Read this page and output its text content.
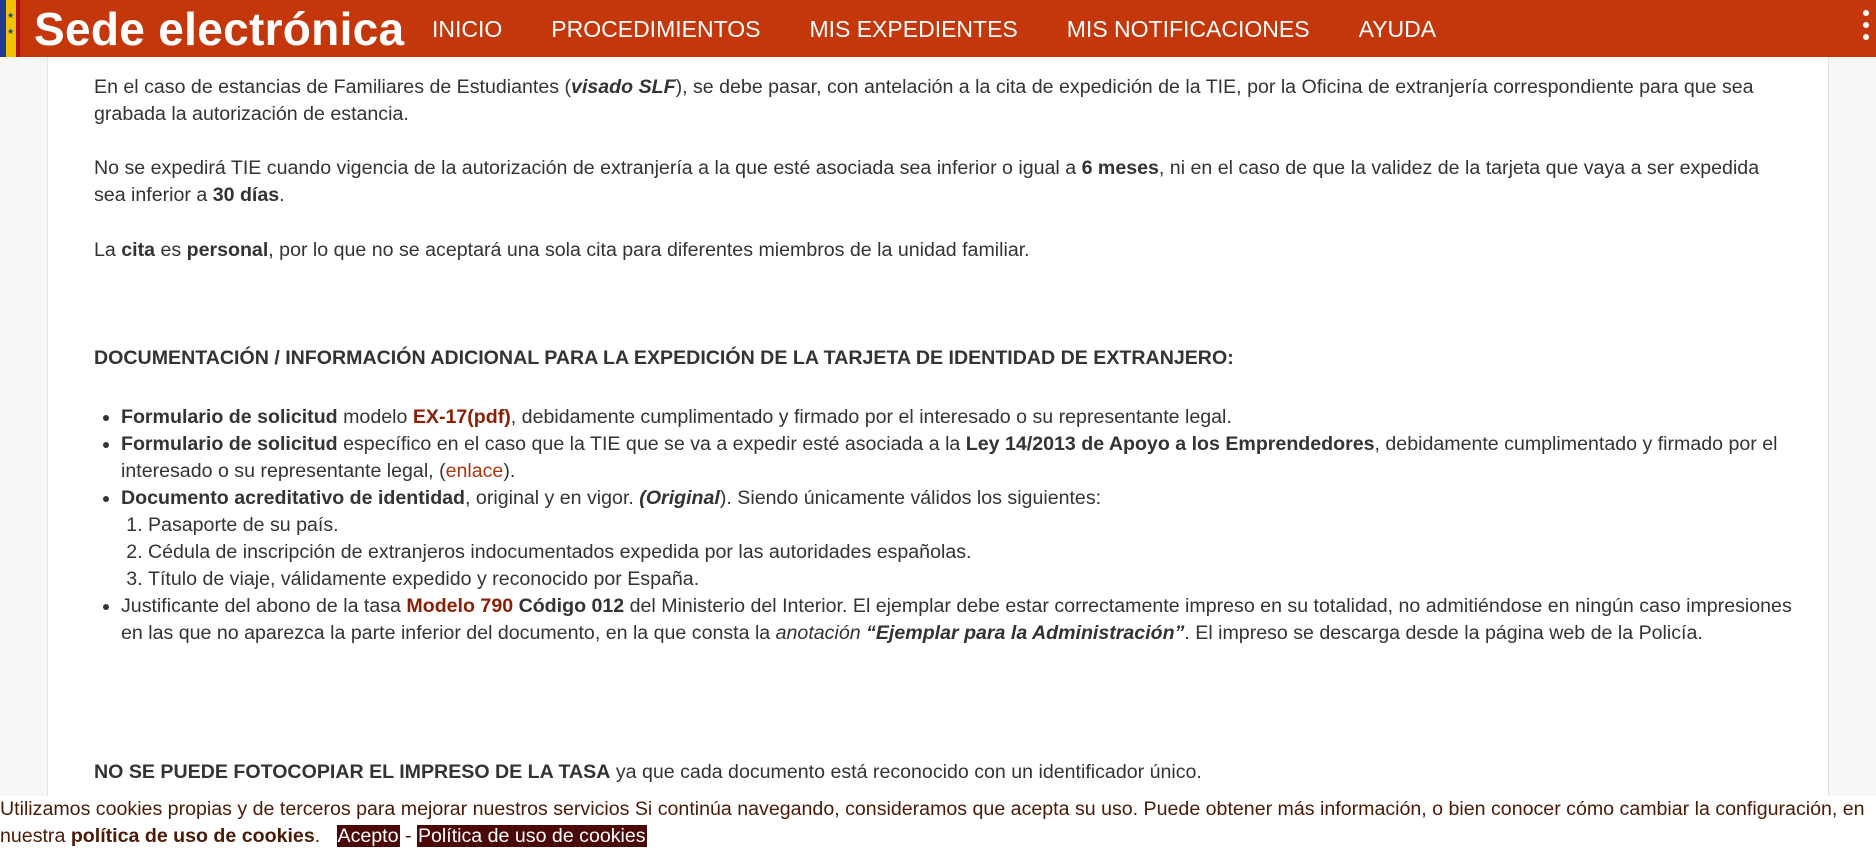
★
★ Sede electrónica INICIO PROCEDIMIENTOS MIS EXPEDIENTES MIS NOTIFICACIONES AYUDA

En el caso de estancias de Familiares de Estudiantes (visado SLF), se debe pasar, con antelación a la cita de expedición de la TIE, por la Oficina de extranjería correspondiente para que sea grabada la autorización de estancia.

No se expedirá TIE cuando vigencia de la autorización de extranjería a la que esté asociada sea inferior o igual a 6 meses, ni en el caso de que la validez de la tarjeta que vaya a ser expedida sea inferior a 30 días.

La cita es personal, por lo que no se aceptará una sola cita para diferentes miembros de la unidad familiar.

DOCUMENTACIÓN / INFORMACIÓN ADICIONAL PARA LA EXPEDICIÓN DE LA TARJETA DE IDENTIDAD DE EXTRANJERO:
• Formulario de solicitud modelo EX-17(pdf), debidamente cumplimentado y firmado por el interesado o su representante legal.
• Formulario de solicitud específico en el caso que la TIE que se va a expedir esté asociada a la Ley 14/2013 de Apoyo a los Emprendedores, debidamente cumplimentado y firmado por el interesado o su representante legal, (enlace).
• Documento acreditativo de identidad, original y en vigor. (Original). Siendo únicamente válidos los siguientes:
1. Pasaporte de su país.
2. Cédula de inscripción de extranjeros indocumentados expedida por las autoridades españolas.
3. Título de viaje, válidamente expedido y reconocido por España.
• Justificante del abono de la tasa Modelo 790 Código 012 del Ministerio del Interior. El ejemplar debe estar correctamente impreso en su totalidad, no admitiéndose en ningún caso impresiones en las que no aparezca la parte inferior del documento, en la que consta la anotación “Ejemplar para la Administración”. El impreso se descarga desde la página web de la Policía.

NO SE PUEDE FOTOCOPIAR EL IMPRESO DE LA TASA ya que cada documento está reconocido con un identificador único.

Utilizamos cookies propias y de terceros para mejorar nuestros servicios Si continúa navegando, consideramos que acepta su uso. Puede obtener más información, o bien conocer cómo cambiar la configuración, en nuestra política de uso de cookies. Acepto - Política de uso de cookies
